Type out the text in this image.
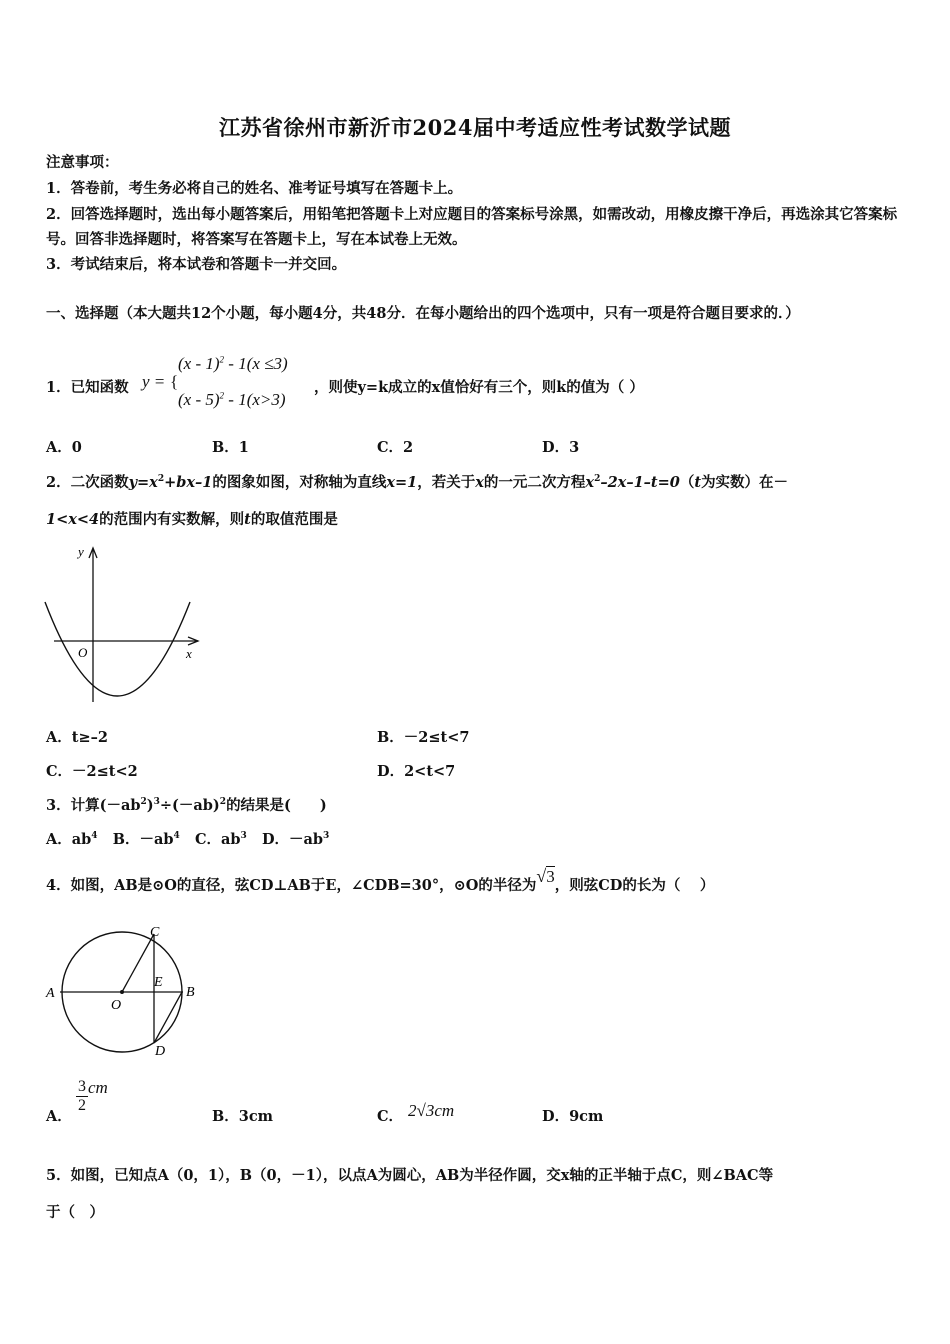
江苏省徐州市新沂市2024届中考适应性考试数学试题
注意事项：
1．答卷前，考生务必将自己的姓名、准考证号填写在答题卡上。
2．回答选择题时，选出每小题答案后，用铅笔把答题卡上对应题目的答案标号涂黑，如需改动，用橡皮擦干净后，再选涂其它答案标号。回答非选择题时，将答案写在答题卡上，写在本试卷上无效。
3．考试结束后，将本试卷和答题卡一并交回。
一、选择题（本大题共12个小题，每小题4分，共48分．在每小题给出的四个选项中，只有一项是符合题目要求的．）
1．已知函数 y = {
(x - 1)$^2$ - 1(x ≤3)
(x - 5)$^2$ - 1(x>3)
，则使y=k成立的x值恰好有三个，则k的值为（ ）
A．0	B．1	C．2	D．3
2．二次函数$y=x^2+bx-1$的图象如图，对称轴为直线x=1，若关于x的一元二次方程$x^2-2x-1-t=0(t$为实数）在－
1<x<4的范围内有实数解，则t的取值范围是
y
x
O
A．t≥–2	B．－2≤t<7
C．－2≤t<2	D．2<t<7
3．计算$(-ab^2)^3\div(-ab)^2$的结果是(　　)
A．$ab^4$ B．$-ab^4$ C．$ab^3$ D．$-ab^3$
4．如图，AB是⊙O的直径，弦CD⊥AB于E，∠CDB=30°，⊙O的半径为√3，则弦CD的长为（　 ）
A	B
C
D
E
O
A．
$\frac{3}{2}$ cm
B．3cm	C． 2√3cm	D．9cm
5．如图，已知点A（0，1），B（0，－1），以点A为圆心，AB为半径作圆，交x轴的正半轴于点C，则∠BAC等
于（　）
